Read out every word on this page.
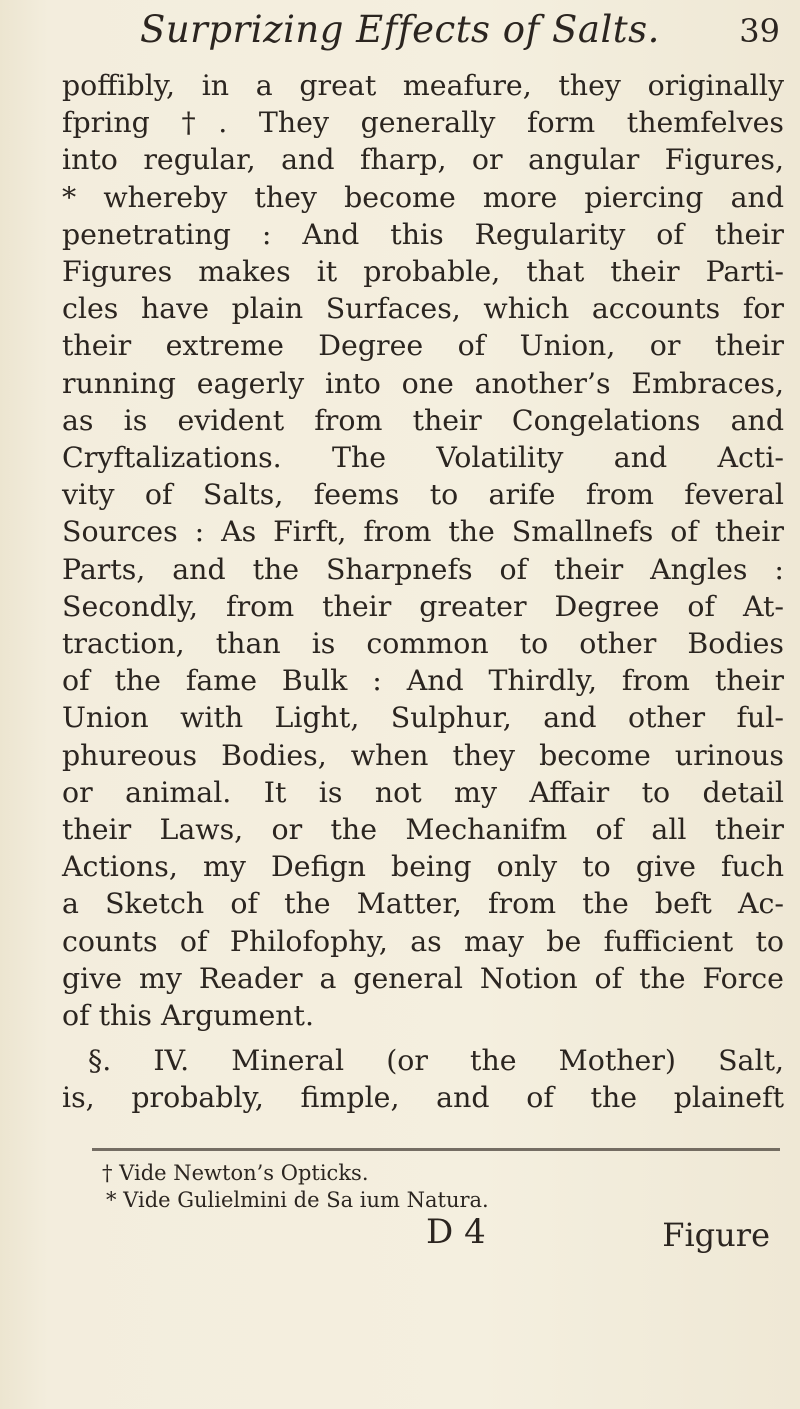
Surprizing Effects of Salts. 39
poffibly, in a great meafure, they originally
fpring †. They generally form themfelves
into regular, and fharp, or angular Figures,
* whereby they become more piercing and
penetrating : And this Regularity of their
Figures makes it probable, that their Parti-
cles have plain Surfaces, which accounts for
their extreme Degree of Union, or their
running eagerly into one another’s Embraces,
as is evident from their Congelations and
Cryftalizations. The Volatility and Acti-
vity of Salts, feems to arife from feveral
Sources : As Firft, from the Smallnefs of their
Parts, and the Sharpnefs of their Angles :
Secondly, from their greater Degree of At-
traction, than is common to other Bodies
of the fame Bulk : And Thirdly, from their
Union with Light, Sulphur, and other ful-
phureous Bodies, when they become urinous
or animal. It is not my Affair to detail
their Laws, or the Mechanifm of all their
Actions, my Defign being only to give fuch
a Sketch of the Matter, from the beft Ac-
counts of Philofophy, as may be fufficient to
give my Reader a general Notion of the Force
of this Argument.
§. IV. Mineral (or the Mother) Salt,
is, probably, fimple, and of the plaineft
† Vide Newton’s Opticks.
* Vide Gulielmini de Sa ium Natura.
D 4	Figure
